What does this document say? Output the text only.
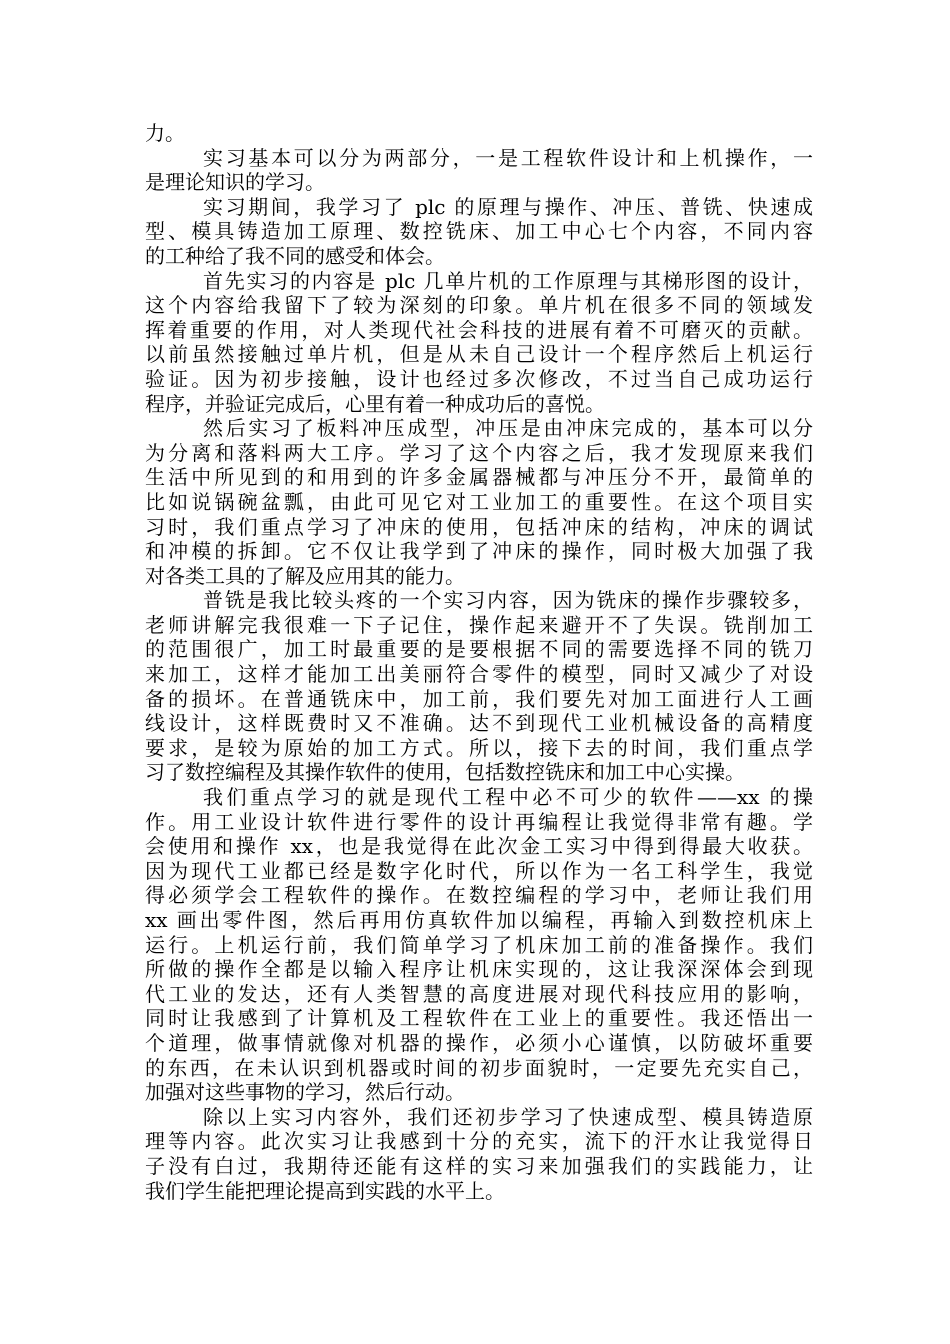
力。
实习基本可以分为两部分，一是工程软件设计和上机操作，一
是理论知识的学习。
实习期间，我学习了 plc 的原理与操作、冲压、普铣、快速成
型、模具铸造加工原理、数控铣床、加工中心七个内容，不同内容
的工种给了我不同的感受和体会。
首先实习的内容是 plc 几单片机的工作原理与其梯形图的设计，
这个内容给我留下了较为深刻的印象。单片机在很多不同的领域发
挥着重要的作用，对人类现代社会科技的进展有着不可磨灭的贡献。
以前虽然接触过单片机，但是从未自己设计一个程序然后上机运行
验证。因为初步接触，设计也经过多次修改，不过当自己成功运行
程序，并验证完成后，心里有着一种成功后的喜悦。
然后实习了板料冲压成型，冲压是由冲床完成的，基本可以分
为分离和落料两大工序。学习了这个内容之后，我才发现原来我们
生活中所见到的和用到的许多金属器械都与冲压分不开，最简单的
比如说锅碗盆瓢，由此可见它对工业加工的重要性。在这个项目实
习时，我们重点学习了冲床的使用，包括冲床的结构，冲床的调试
和冲模的拆卸。它不仅让我学到了冲床的操作，同时极大加强了我
对各类工具的了解及应用其的能力。
普铣是我比较头疼的一个实习内容，因为铣床的操作步骤较多，
老师讲解完我很难一下子记住，操作起来避开不了失误。铣削加工
的范围很广，加工时最重要的是要根据不同的需要选择不同的铣刀
来加工，这样才能加工出美丽符合零件的模型，同时又减少了对设
备的损坏。在普通铣床中，加工前，我们要先对加工面进行人工画
线设计，这样既费时又不准确。达不到现代工业机械设备的高精度
要求，是较为原始的加工方式。所以，接下去的时间，我们重点学
习了数控编程及其操作软件的使用，包括数控铣床和加工中心实操。
我们重点学习的就是现代工程中必不可少的软件——xx 的操
作。用工业设计软件进行零件的设计再编程让我觉得非常有趣。学
会使用和操作 xx，也是我觉得在此次金工实习中得到得最大收获。
因为现代工业都已经是数字化时代，所以作为一名工科学生，我觉
得必须学会工程软件的操作。在数控编程的学习中，老师让我们用
xx 画出零件图，然后再用仿真软件加以编程，再输入到数控机床上
运行。上机运行前，我们简单学习了机床加工前的准备操作。我们
所做的操作全都是以输入程序让机床实现的，这让我深深体会到现
代工业的发达，还有人类智慧的高度进展对现代科技应用的影响，
同时让我感到了计算机及工程软件在工业上的重要性。我还悟出一
个道理，做事情就像对机器的操作，必须小心谨慎，以防破坏重要
的东西，在未认识到机器或时间的初步面貌时，一定要先充实自己，
加强对这些事物的学习，然后行动。
除以上实习内容外，我们还初步学习了快速成型、模具铸造原
理等内容。此次实习让我感到十分的充实，流下的汗水让我觉得日
子没有白过，我期待还能有这样的实习来加强我们的实践能力，让
我们学生能把理论提高到实践的水平上。
